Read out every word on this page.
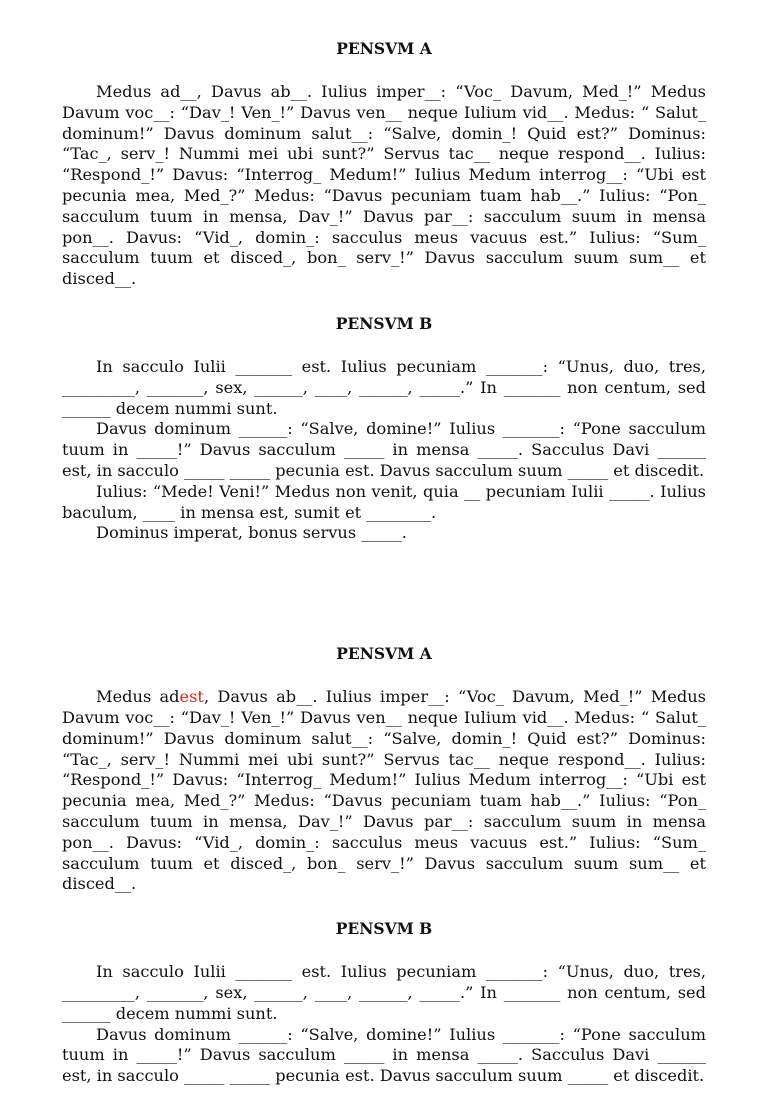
PENSVM A

Medus ad__, Davus ab__. Iulius imper__: “Voc_ Davum, Med_!” Medus Davum voc__: “Dav_! Ven_!” Davus ven__ neque Iulium vid__. Medus: “ Salut_ dominum!” Davus dominum salut__: “Salve, domin_! Quid est?” Dominus: “Tac_, serv_! Nummi mei ubi sunt?” Servus tac__ neque respond__. Iulius: “Respond_!” Davus: “Interrog_ Medum!” Iulius Medum interrog__: “Ubi est pecunia mea, Med_?” Medus: “Davus pecuniam tuam hab__.” Iulius: “Pon_ sacculum tuum in mensa, Dav_!” Davus par__: sacculum suum in mensa pon__. Davus: “Vid_, domin_: sacculus meus vacuus est.” Iulius: “Sum_ sacculum tuum et disced_, bon_ serv_!” Davus sacculum suum sum__ et disced__.

PENSVM B

In sacculo Iulii _______ est. Iulius pecuniam _______: “Unus, duo, tres, _________, _______, sex, ______, ____, ______, _____.” In _______ non centum, sed ______ decem nummi sunt.

Davus dominum ______: “Salve, domine!” Iulius _______: “Pone sacculum tuum in _____!” Davus sacculum _____ in mensa _____. Sacculus Davi ______ est, in sacculo _____ _____ pecunia est. Davus sacculum suum _____ et discedit.

Iulius: “Mede! Veni!” Medus non venit, quia __ pecuniam Iulii _____. Iulius baculum, ____ in mensa est, sumit et ________.

Dominus imperat, bonus servus _____.

PENSVM A

Medus adest, Davus ab__. Iulius imper__: “Voc_ Davum, Med_!” Medus Davum voc__: “Dav_! Ven_!” Davus ven__ neque Iulium vid__. Medus: “ Salut_ dominum!” Davus dominum salut__: “Salve, domin_! Quid est?” Dominus: “Tac_, serv_! Nummi mei ubi sunt?” Servus tac__ neque respond__. Iulius: “Respond_!” Davus: “Interrog_ Medum!” Iulius Medum interrog__: “Ubi est pecunia mea, Med_?” Medus: “Davus pecuniam tuam hab__.” Iulius: “Pon_ sacculum tuum in mensa, Dav_!” Davus par__: sacculum suum in mensa pon__. Davus: “Vid_, domin_: sacculus meus vacuus est.” Iulius: “Sum_ sacculum tuum et disced_, bon_ serv_!” Davus sacculum suum sum__ et disced__.

PENSVM B

In sacculo Iulii _______ est. Iulius pecuniam _______: “Unus, duo, tres, _________, _______, sex, ______, ____, ______, _____.” In _______ non centum, sed ______ decem nummi sunt.

Davus dominum ______: “Salve, domine!” Iulius _______: “Pone sacculum tuum in _____!” Davus sacculum _____ in mensa _____. Sacculus Davi ______ est, in sacculo _____ _____ pecunia est. Davus sacculum suum _____ et discedit.
